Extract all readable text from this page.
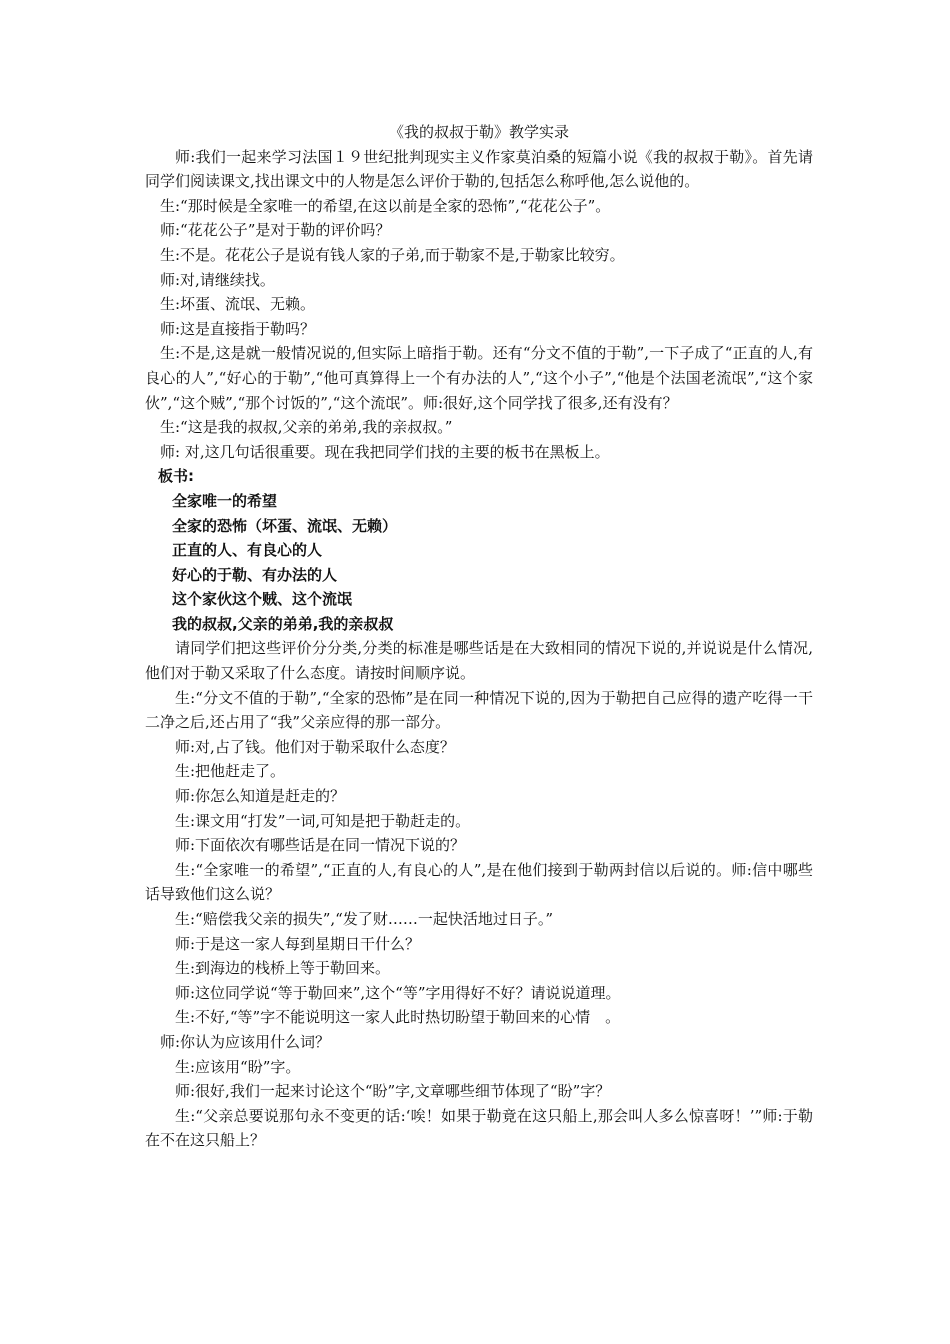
《我的叔叔于勒》教学实录

师:我们一起来学习法国１９世纪批判现实主义作家莫泊桑的短篇小说《我的叔叔于勒》。首先请同学们阅读课文,找出课文中的人物是怎么评价于勒的,包括怎么称呼他,怎么说他的。

生:“那时候是全家唯一的希望,在这以前是全家的恐怖”,“花花公子”。

师:“花花公子”是对于勒的评价吗？

生:不是。花花公子是说有钱人家的子弟,而于勒家不是,于勒家比较穷。

师:对,请继续找。

生:坏蛋、流氓、无赖。

师:这是直接指于勒吗？

生:不是,这是就一般情况说的,但实际上暗指于勒。还有“分文不值的于勒”,一下子成了“正直的人,有良心的人”,“好心的于勒”,“他可真算得上一个有办法的人”,“这个小子”,“他是个法国老流氓”,“这个家伙”,“这个贼”,“那个讨饭的”,“这个流氓”。师:很好,这个同学找了很多,还有没有？

生:“这是我的叔叔,父亲的弟弟,我的亲叔叔。”

师: 对,这几句话很重要。现在我把同学们找的主要的板书在黑板上。

板书:

全家唯一的希望
全家的恐怖（坏蛋、流氓、无赖）
正直的人、有良心的人
好心的于勒、有办法的人
这个家伙这个贼、这个流氓
我的叔叔,父亲的弟弟,我的亲叔叔

请同学们把这些评价分分类,分类的标准是哪些话是在大致相同的情况下说的,并说说是什么情况,他们对于勒又采取了什么态度。请按时间顺序说。

生:“分文不值的于勒”,“全家的恐怖”是在同一种情况下说的,因为于勒把自己应得的遗产吃得一干二净之后,还占用了“我”父亲应得的那一部分。

师:对,占了钱。他们对于勒采取什么态度？

生:把他赶走了。

师:你怎么知道是赶走的？

生:课文用“打发”一词,可知是把于勒赶走的。

师:下面依次有哪些话是在同一情况下说的？

生:“全家唯一的希望”,“正直的人,有良心的人”,是在他们接到于勒两封信以后说的。师:信中哪些话导致他们这么说？

生:“赔偿我父亲的损失”,“发了财……一起快活地过日子。”

师:于是这一家人每到星期日干什么？

生:到海边的栈桥上等于勒回来。

师:这位同学说“等于勒回来”,这个“等”字用得好不好？请说说道理。

生:不好,“等”字不能说明这一家人此时热切盼望于勒回来的心情　。

师:你认为应该用什么词？

生:应该用“盼”字。

师:很好,我们一起来讨论这个“盼”字,文章哪些细节体现了“盼”字？

生:“父亲总要说那句永不变更的话:‘唉！如果于勒竟在这只船上,那会叫人多么惊喜呀！’”师:于勒在不在这只船上？
